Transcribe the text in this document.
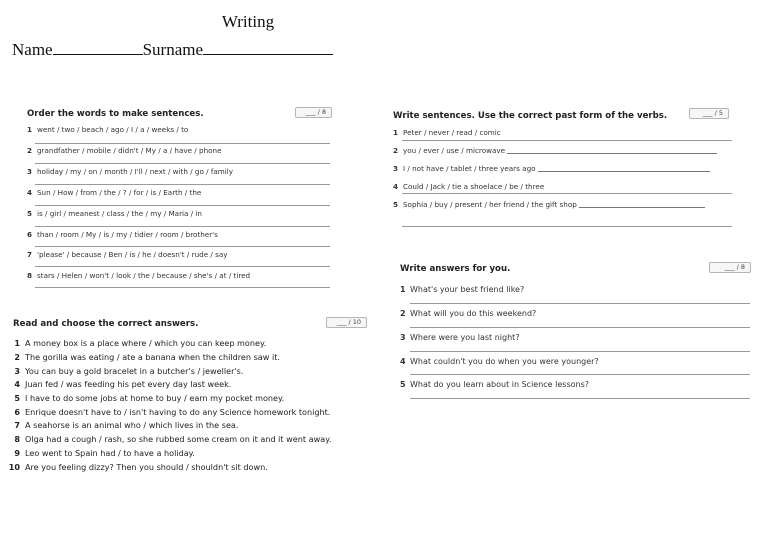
Writing
Name	Surname
Order the words to make sentences.	___ / 8
1 went / two / beach / ago / I / a / weeks / to
2 grandfather / mobile / didn't / My / a / have / phone
3 holiday / my / on / month / I'll / next / with / go / family
4 Sun / How / from / the / ? / for / is / Earth / the
5 is / girl / meanest / class / the / my / Maria / in
6 than / room / My / is / my / tidier / room / brother's
7 'please' / because / Ben / is / he / doesn't / rude / say
8 stars / Helen / won't / look / the / because / she's / at / tired
Read and choose the correct answers.	___ / 10
1 A money box is a place where / which you can keep money.
2 The gorilla was eating / ate a banana when the children saw it.
3 You can buy a gold bracelet in a butcher's / jeweller's.
4 Juan fed / was feeding his pet every day last week.
5 I have to do some jobs at home to buy / earn my pocket money.
6 Enrique doesn't have to / isn't having to do any Science homework tonight.
7 A seahorse is an animal who / which lives in the sea.
8 Olga had a cough / rash, so she rubbed some cream on it and it went away.
9 Leo went to Spain had / to have a holiday.
10 Are you feeling dizzy? Then you should / shouldn't sit down.
Write sentences. Use the correct past form of the verbs.	___ / 5
1 Peter / never / read / comic
2 you / ever / use / microwave
3 I / not have / tablet / three years ago
4 Could / Jack / tie a shoelace / be / three
5 Sophia / buy / present / her friend / the gift shop
Write answers for you.	___ / 8
1 What's your best friend like?
2 What will you do this weekend?
3 Where were you last night?
4 What couldn't you do when you were younger?
5 What do you learn about in Science lessons?
